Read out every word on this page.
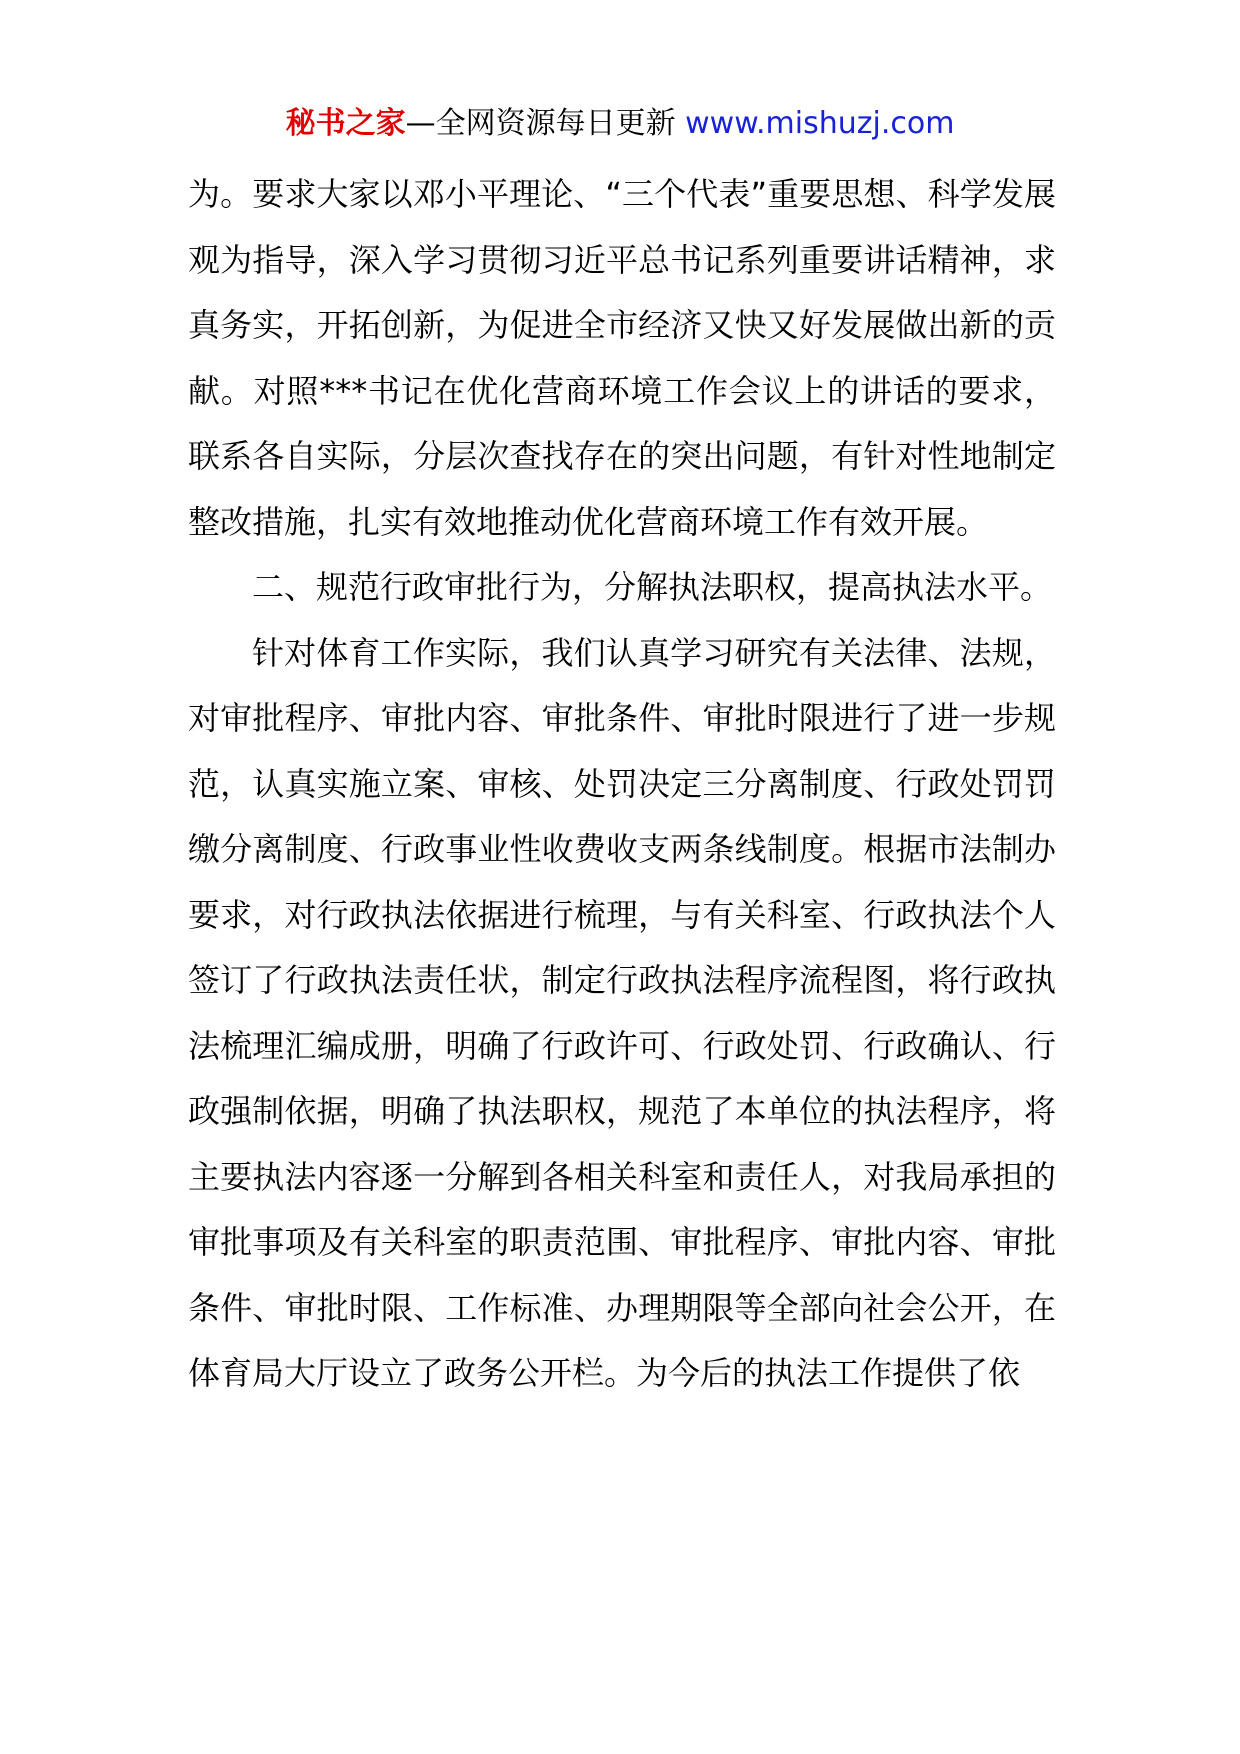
秘书之家—全网资源每日更新 www.mishuzj.com

为。要求大家以邓小平理论、“三个代表”重要思想、科学发展观为指导，深入学习贯彻习近平总书记系列重要讲话精神，求真务实，开拓创新，为促进全市经济又快又好发展做出新的贡献。对照***书记在优化营商环境工作会议上的讲话的要求，联系各自实际，分层次查找存在的突出问题，有针对性地制定整改措施，扎实有效地推动优化营商环境工作有效开展。

二、规范行政审批行为，分解执法职权，提高执法水平。

针对体育工作实际，我们认真学习研究有关法律、法规，对审批程序、审批内容、审批条件、审批时限进行了进一步规范，认真实施立案、审核、处罚决定三分离制度、行政处罚罚缴分离制度、行政事业性收费收支两条线制度。根据市法制办要求，对行政执法依据进行梳理，与有关科室、行政执法个人签订了行政执法责任状，制定行政执法程序流程图，将行政执法梳理汇编成册，明确了行政许可、行政处罚、行政确认、行政强制依据，明确了执法职权，规范了本单位的执法程序，将主要执法内容逐一分解到各相关科室和责任人，对我局承担的审批事项及有关科室的职责范围、审批程序、审批内容、审批条件、审批时限、工作标准、办理期限等全部向社会公开，在体育局大厅设立了政务公开栏。为今后的执法工作提供了依
